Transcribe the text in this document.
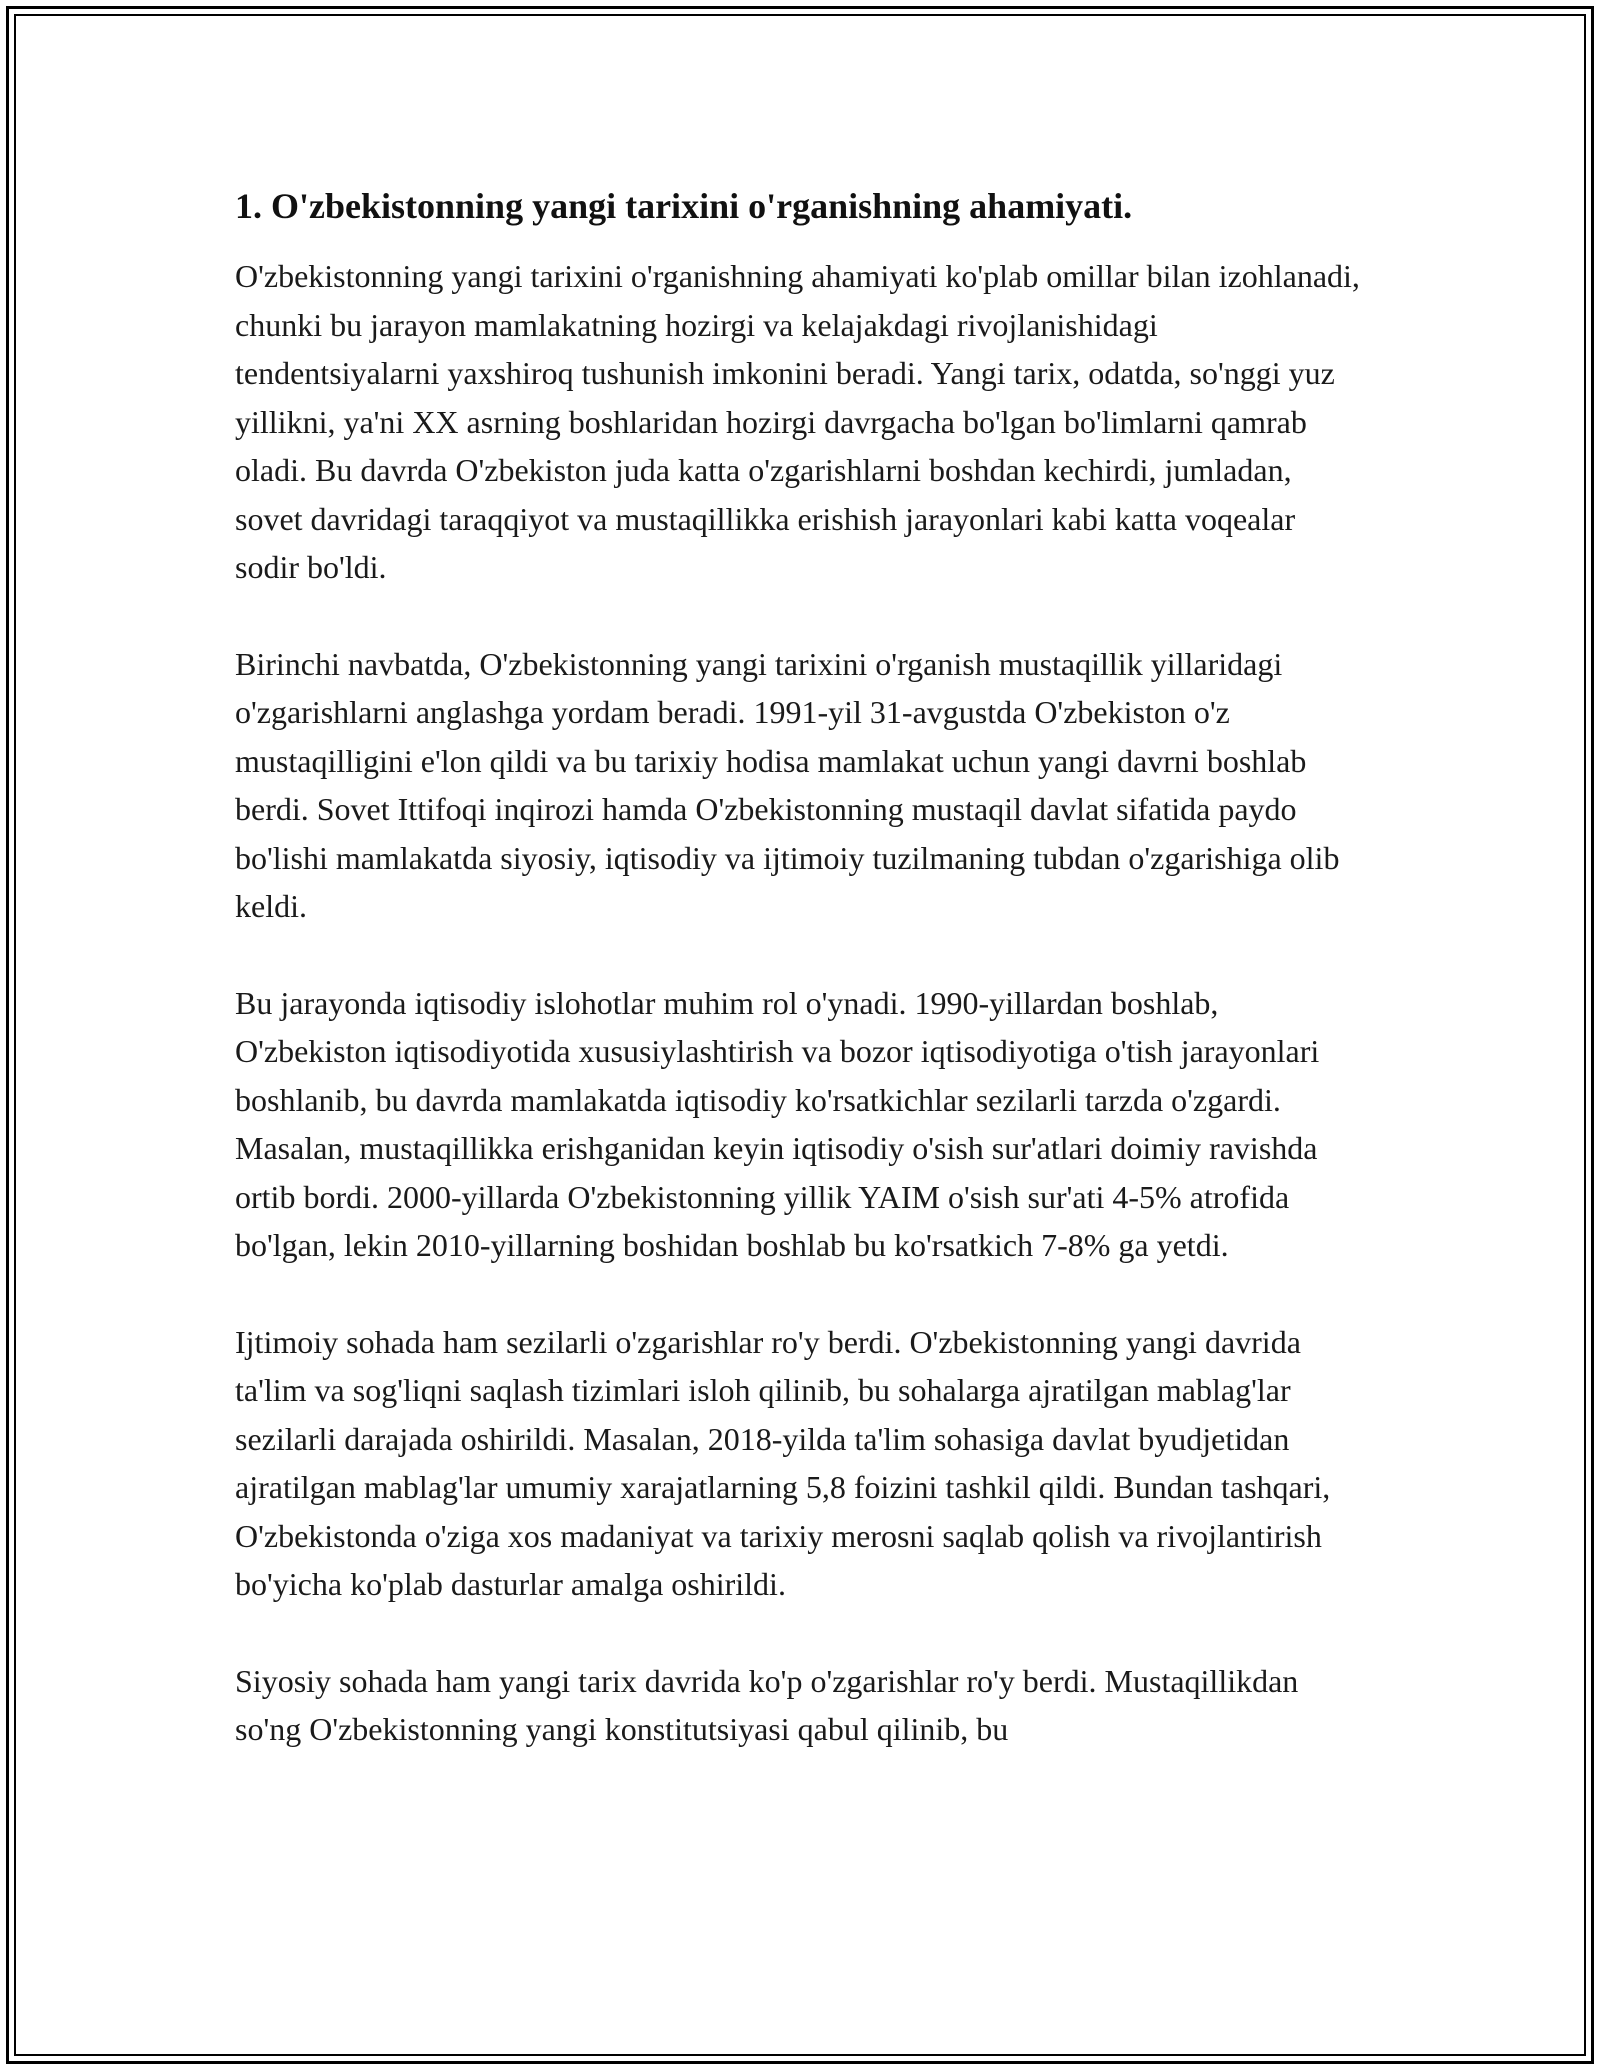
1. O'zbekistonning yangi tarixini o'rganishning ahamiyati.

O'zbekistonning yangi tarixini o'rganishning ahamiyati ko'plab omillar bilan izohlanadi, chunki bu jarayon mamlakatning hozirgi va kelajakdagi rivojlanishidagi tendentsiyalarni yaxshiroq tushunish imkonini beradi. Yangi tarix, odatda, so'nggi yuz yillikni, ya'ni XX asrning boshlaridan hozirgi davrgacha bo'lgan bo'limlarni qamrab oladi. Bu davrda O'zbekiston juda katta o'zgarishlarni boshdan kechirdi, jumladan, sovet davridagi taraqqiyot va mustaqillikka erishish jarayonlari kabi katta voqealar sodir bo'ldi.

Birinchi navbatda, O'zbekistonning yangi tarixini o'rganish mustaqillik yillaridagi o'zgarishlarni anglashga yordam beradi. 1991-yil 31-avgustda O'zbekiston o'z mustaqilligini e'lon qildi va bu tarixiy hodisa mamlakat uchun yangi davrni boshlab berdi. Sovet Ittifoqi inqirozi hamda O'zbekistonning mustaqil davlat sifatida paydo bo'lishi mamlakatda siyosiy, iqtisodiy va ijtimoiy tuzilmaning tubdan o'zgarishiga olib keldi.

Bu jarayonda iqtisodiy islohotlar muhim rol o'ynadi. 1990-yillardan boshlab, O'zbekiston iqtisodiyotida xususiylashtirish va bozor iqtisodiyotiga o'tish jarayonlari boshlanib, bu davrda mamlakatda iqtisodiy ko'rsatkichlar sezilarli tarzda o'zgardi. Masalan, mustaqillikka erishganidan keyin iqtisodiy o'sish sur'atlari doimiy ravishda ortib bordi. 2000-yillarda O'zbekistonning yillik YAIM o'sish sur'ati 4-5% atrofida bo'lgan, lekin 2010-yillarning boshidan boshlab bu ko'rsatkich 7-8% ga yetdi.

Ijtimoiy sohada ham sezilarli o'zgarishlar ro'y berdi. O'zbekistonning yangi davrida ta'lim va sog'liqni saqlash tizimlari isloh qilinib, bu sohalarga ajratilgan mablag'lar sezilarli darajada oshirildi. Masalan, 2018-yilda ta'lim sohasiga davlat byudjetidan ajratilgan mablag'lar umumiy xarajatlarning 5,8 foizini tashkil qildi. Bundan tashqari, O'zbekistonda o'ziga xos madaniyat va tarixiy merosni saqlab qolish va rivojlantirish bo'yicha ko'plab dasturlar amalga oshirildi.

Siyosiy sohada ham yangi tarix davrida ko'p o'zgarishlar ro'y berdi. Mustaqillikdan so'ng O'zbekistonning yangi konstitutsiyasi qabul qilinib, bu
